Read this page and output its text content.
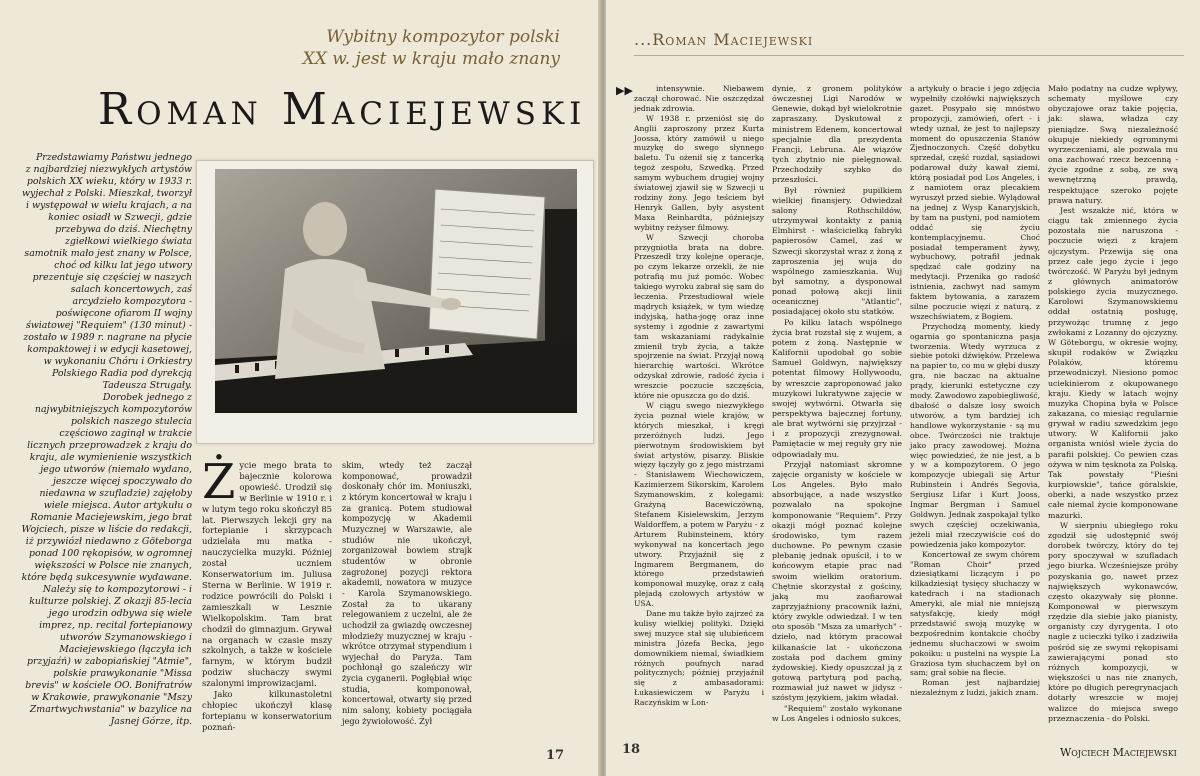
Wybitny kompozytor polski XX w. jest w kraju mało znany
Roman Maciejewski

Przedstawiamy Państwu jednego z najbardziej niezwykłych artystów polskich XX wieku, który w 1933 r. wyjechał z Polski. Mieszkał, tworzył i występował w wielu krajach, a na koniec osiadł w Szwecji, gdzie przebywa do dziś. Niechętny zgiełkowi wielkiego świata samotnik mało jest znany w Polsce, choć od kilku lat jego utwory prezentuje się częściej w naszych salach koncertowych, zaś arcydzieło kompozytora - poświęcone ofiarom II wojny światowej "Requiem" (130 minut) - zostało w 1989 r. nagrane na płycie kompaktowej i w edycji kasetowej, w wykonaniu Chóru i Orkiestry Polskiego Radia pod dyrekcją Tadeusza Strugały.

Dorobek jednego z najwybitniejszych kompozytorów polskich naszego stulecia częściowo zaginął w trakcie licznych przeprowadzek z kraju do kraju, ale wymienienie wszystkich jego utworów (niemało wydano, jeszcze więcej spoczywało do niedawna w szufladzie) zajęłoby wiele miejsca. Autor artykułu o Romanie Maciejewskim, jego brat Wojciech, pisze w liście do redakcji, iż przywiózł niedawno z Göteborga ponad 100 rękopisów, w ogromnej większości w Polsce nie znanych, które będą sukcesywnie wydawane. Należy się to kompozytorowi - i kulturze polskiej. Z okazji 85-lecia jego urodzin odbywa się wiele imprez, np. recital fortepianowy utworów Szymanowskiego i Maciejewskiego (łączyła ich przyjaźń) w zabopiańskiej "Atmie", polskie prawykonanie "Missa brevis" w kościele OO. Bonifratrów w Krakowie, prawykonanie "Mszy Zmartwychwstania" w bazylice na Jasnej Górze, itp.

Ż ycie mego brata to bajecznie kolorowa opowieść. Urodził się w Berlinie w 1910 r. i w lutym tego roku skończył 85 lat. Pierwszych lekcji gry na fortepianie i skrzypcach udzielała mu matka - nauczycielka muzyki. Później został uczniem Konserwatorium im. Juliusa Sterna w Berlinie. W 1919 r. rodzice powrócili do Polski i zamieszkali w Lesznie Wielkopolskim. Tam brat chodził do gimnazjum. Grywał na organach w czasie mszy szkolnych, a także w kościele farnym, w którym budził podziw słuchaczy swymi szalonymi improwizacjami.

Jako kilkunastoletni chłopiec ukończył klasę fortepianu w konserwatorium poznań-

skim, wtedy też zaczął komponować, prowadził doskonały chór im. Moniuszki, z którym koncertował w kraju i za granicą. Potem studiował kompozycję w Akademii Muzycznej w Warszawie, ale studiów nie ukończył, zorganizował bowiem strajk studentów w obronie zagrożonej pozycji rektora akademii, nowatora w muzyce - Karola Szymanowskiego. Został za to ukarany relegowaniem z uczelni, ale że uchodził za gwiazdę owczesnej młodzieży muzycznej w kraju - wkrótce otrzymał stypendium i wyjechał do Paryża. Tam pochłonął go szaleńczy wir życia cyganerii. Pogłębiał więc studia, komponował, koncertował, otwarty się przed nim salony, kobiety pociągała jego żywiołowość. Żył

17
...Roman Maciejewski
▶▶	intensywnie. Niebawem zaczął chorować. Nie oszczędzał jednak zdrowia.

W 1938 r. przeniósł się do Anglii zaproszony przez Kurta Joossa, który zamówił u niego muzykę do swego słynnego baletu. Tu ożenił się z tancerką tegoż zespołu, Szwedką. Przed samym wybuchem drugiej wojny światowej zjawił się w Szwecji u rodziny żony. Jego teściem był Henryk Gallen, były asystent Maxa Reinhardta, późniejszy wybitny reżyser filmowy.

W Szwecji choroba przygniotła brata na dobre. Przeszedł trzy kolejne operacje, po czym lekarze orzekli, że nie potrafią mu już pomóc. Wobec takiego wyroku zabrał się sam do leczenia. Przestudiował wiele mądrych książek, w tym wiedzę indyjską, hatha-jogę oraz inne systemy i zgodnie z zawartymi tam wskazaniami radykalnie zmienił tryb życia, a także spojrzenie na świat. Przyjął nową hierarchię wartości. Wkrótce odzyskał zdrowie, radość życia i wreszcie poczucie szczęścia, które nie opuszcza go do dziś.

W ciągu swego niezwykłego życia poznał wiele krajów, w których mieszkał, i kręgi przeróżnych ludzi. Jego pierwotnym środowiskiem był świat artystów, pisarzy. Bliskie więzy łączyły go z jego mistrzami - Stanisławem Wiechowiczem, Kazimierzem Sikorskim, Karolem Szymanowskim, z kolegami: Grażyną Bacewiczówną, Stefanem Kisielewskim, Jerzym Waldorffem, a potem w Paryżu - z Arturem Rubinsteinem, który wykonywał na koncertach jego utwory. Przyjaźnił się z Ingmarem Bergmanem, do którego przedstawień komponował muzykę, oraz z całą plejadą czołowych artystów w USA.

Dane mu także było zajrzeć za kulisy wielkiej polityki. Dzięki swej muzyce stał się ulubieńcem ministra Józefa Becka, jego domownikiem niemal, świadkiem różnych poufnych narad politycznych; później przyjaźnił się z ambasadorami: Łukasiewiczem w Paryżu i Raczyńskim w Lon-

dynie, z gronem polityków ówczesnej Ligi Narodów w Genewie, dokąd był wielokrotnie zapraszany. Dyskutował z ministrem Edenem, koncertował specjalnie dla prezydenta Francji, Lebruna. Ale wiązów tych zbytnio nie pielęgnował. Przechodziły szybko do przeszłości.

Był również pupilkiem wielkiej finansjery. Odwiedzał salony Rothschildów, utrzymywał kontakty z panią Elmhirst - właścicielką fabryki papierosów Camel, zaś w Szwecji skorzystał wraz z żoną z zaproszenia jej wuja do wspólnego zamieszkania. Wuj był samotny, a dysponował ponad połową akcji linii oceanicznej "Atlantic", posiadającej około stu statków.

Po kilku latach wspólnego życia brat rozstał się z wujem, a potem z żoną. Następnie w Kalifornii upodobał go sobie Samuel Goldwyn, największy potentat filmowy Hollywoodu, by wreszcie zaproponować jako muzykowi lukratywne zajęcie w swojej wytwórni. Otwarła się perspektywa bajecznej fortuny, ale brat wytwórni się przyjrzał - i z propozycji zrezygnował. Pamiętacie w mej reguły gry nie odpowiadały mu.

Przyjął natomiast skromne zajęcie organisty w kościele w Los Angeles. Było mało absorbujące, a nade wszystko pozwalało na spokojne komponowanie "Requiem". Przy okazji mógł poznać kolejne środowisko, tym razem duchowne. Po pewnym czasie plebanię jednak opuścił, i to w końcowym etapie prac nad swoim wielkim oratorium. Chętnie skorzystał z gościny, jaką mu zaofiarował zaprzyjaźniony pracownik łaźni, który zwykle odwiedzał. I w ten oto sposób "Msza za umarłych" - dzieło, nad którym pracował kilkanaście lat - ukończona została pod dachem gminy żydowskiej. Kiedy opuszczał ją z gotową partyturą pod pachą, rozmawiał już nawet w jidysz - szóstym językiem, jakim władał.

"Requiem" zostało wykonane w Los Angeles i odniosło sukces,

a artykuły o bracie i jego zdjęcia wypełniły czołówki największych gazet. Posypało się mnóstwo propozycji, zamówień, ofert - i wtedy uznał, że jest to najlepszy moment do opuszczenia Stanów Zjednoczonych. Część dobytku sprzedał, część rozdał, sąsiadowi podarował duży kawał ziemi, którą posiadał pod Los Angeles, i z namiotem oraz plecakiem wyruszył przed siebie. Wylądował na jednej z Wysp Kanaryjskich, by tam na pustyni, pod namiotem oddać się życiu kontemplacyjnemu. Choć posiadał temperament żywy, wybuchowy, potrafił jednak spędzać całe godziny na medytacji. Przenika go radość istnienia, zachwyt nad samym faktem bytowania, a zarazem silne poczucie więzi z naturą, z wszechświatem, z Bogiem.

Przychodzą momenty, kiedy ogarnia go spontaniczna pasja tworzenia. Wtedy wyrzuca z siebie potoki dźwięków. Przelewa na papier to, co mu w głębi duszy gra, nie baczac na aktualne prądy, kierunki estetyczne czy mody. Zawodowo zapobiegliwość, dbałość o dalsze losy swoich utworów, a tym bardziej ich handlowe wykorzystanie - są mu obce. Twórczości nie traktuje jako pracy zawodowej. Można więc powiedzieć, że nie jest, a b y w a kompozytorem. O jego kompozycje ubiegali się Artur Rubinstein i Andrés Segovia, Sergiusz Lifar i Kurt Jooss, Ingmar Bergman i Samuel Goldwyn. Jednak zaspokajał tylko swych częściej oczekiwania, jeżeli miał rzeczywiście coś do powiedzenia jako kompozytor.

Koncertował ze swym chórem "Roman Choir" przed dziesiątkami liczącym i po kilkadziesiąt tysięcy słuchaczy w katedrach i na stadionach Ameryki, ale miał nie mniejszą satysfakcję, kiedy mógł przedstawić swoją muzykę w bezpośrednim kontakcie choćby jednemu słuchaczowi w swoim pokoiku: u pustelni na wyspie La Graziosa tym słuchaczem był on sam; grał sobie na flecie.

Roman jest najbardziej niezależnym z ludzi, jakich znam.

Mało podatny na cudze wpływy, schematy myślowe czy obyczajowe oraz takie pojęcia, jak: sława, władza czy pieniądze. Swą niezależność okupuje niekiedy ogromnymi wyrzeczeniami, ale pozwala mu ona zachować rzecz bezcenną - życie zgodne z sobą, ze swą wewnętrzną prawdą, respektujące szeroko pojęte prawa natury.

Jest wszakże nić, która w ciągu tak zmiennego życia pozostała nie naruszona - poczucie więzi z krajem ojczystym. Przewija się ona przez całe jego życie i jego twórczość. W Paryżu był jednym z głównych animatorów polskiego życia muzycznego. Karolowi Szymanowskiemu oddał ostatnią posługę, przywożąc trumnę z jego zwłokami z Lozanny do ojczyzny. W Göteborgu, w okresie wojny, skupił rodaków w Związku Polaków, któremu przewodniczył. Niesiono pomoc uciekinierom z okupowanego kraju. Kiedy w latach wojny muzyka Chopina była w Polsce zakazana, co miesiąc regularnie grywał w radiu szwedzkim jego utwory. W Kalifornii jako organista wniósł wiele życia do parafii polskiej. Co pewien czas ożywa w nim tęsknota za Polską. Tak powstały "Pieśni kurpiowskie", tańce góralskie, oberki, a nade wszystko przez całe niemal życie komponowane mazurki.

W sierpniu ubiegłego roku zgodził się udostępnić swój dorobek twórczy, który do tej pory spoczywał w szufladach jego biurka. Wcześniejsze próby pozyskania go, nawet przez największych wykonawców, często okazywały się płonne. Komponował w pierwszym rzędzie dla siebie jako pianisty, organisty czy dyrygenta. I oto nagle z ucieczki tylko i zadziwiła pośród się ze swymi rękopisami zawierającymi ponad sto różnych kompozycji, w większości u nas nie znanych, które po długich peregrynacjach dotarły wreszcie w mojej walizce do miejsca swego przeznaczenia - do Polski.

Wojciech Maciejewski
18
